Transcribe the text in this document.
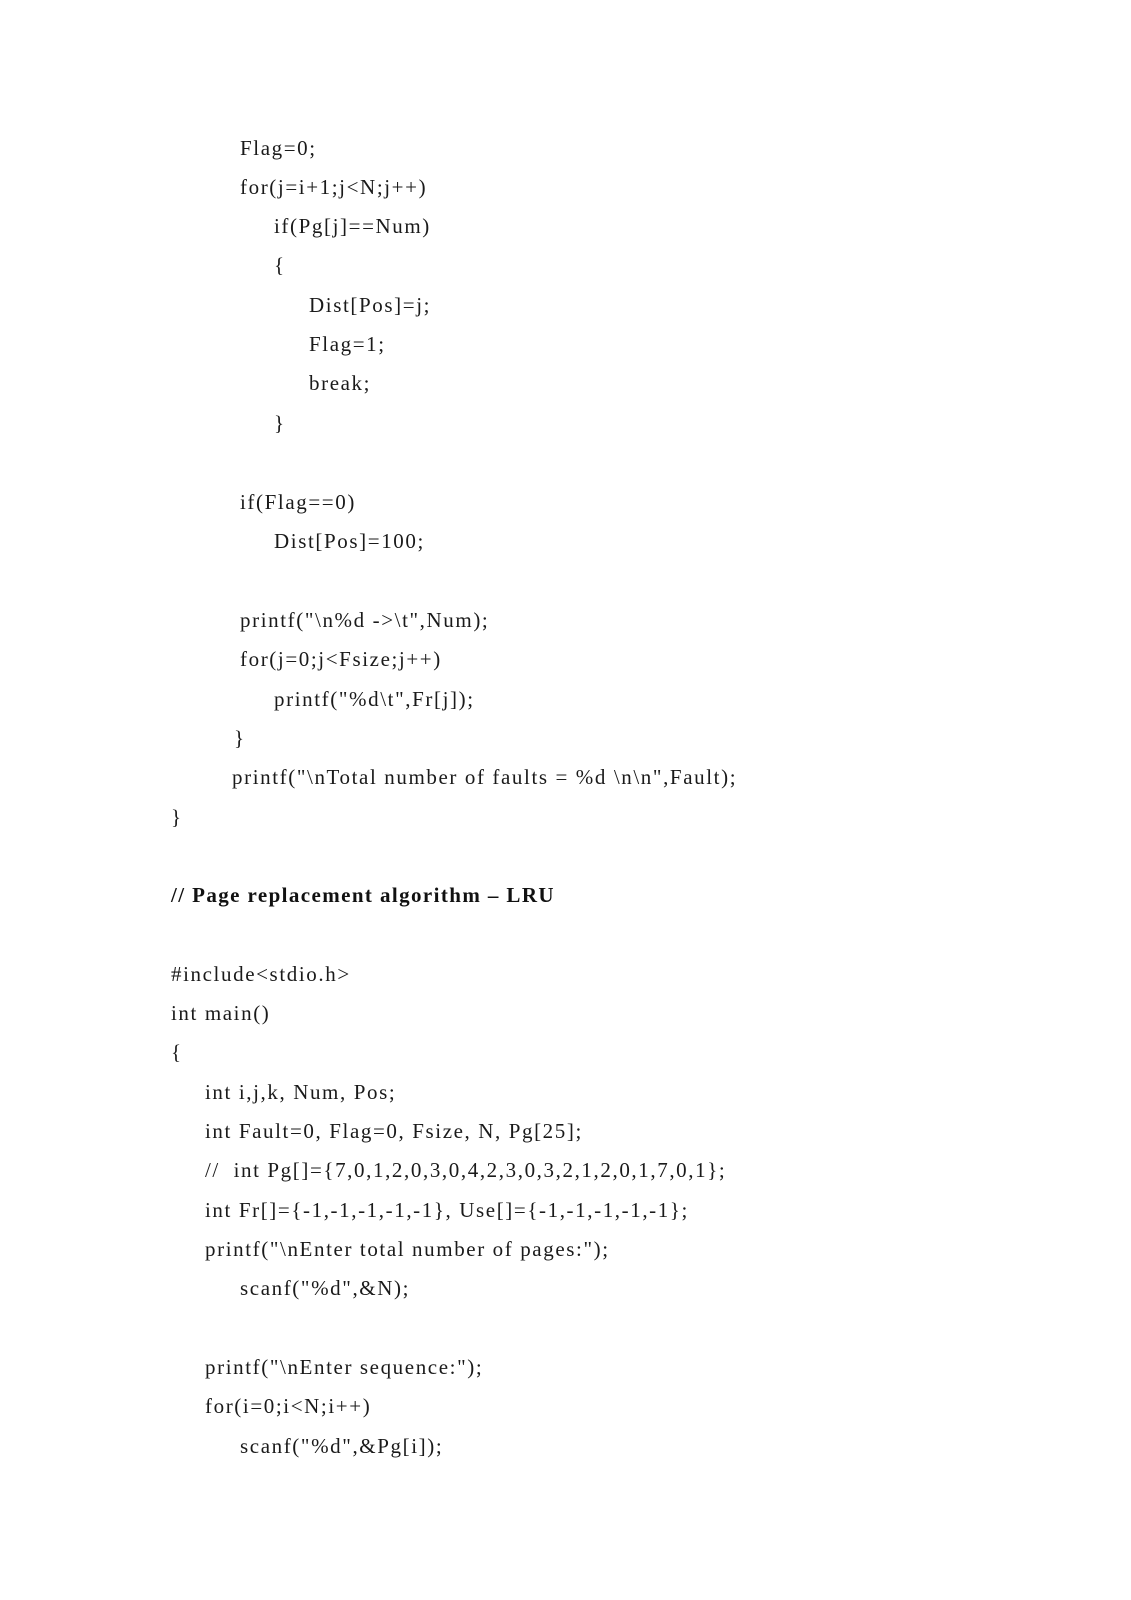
Flag=0;
for(j=i+1;j<N;j++)
if(Pg[j]==Num)
{
Dist[Pos]=j;
Flag=1;
break;
}
if(Flag==0)
Dist[Pos]=100;
printf("\n%d ->\t",Num);
for(j=0;j<Fsize;j++)
printf("%d\t",Fr[j]);
}
printf("\nTotal number of faults = %d \n\n",Fault);
}
// Page replacement algorithm – LRU
#include<stdio.h>
int main()
{
int i,j,k, Num, Pos;
int Fault=0, Flag=0, Fsize, N, Pg[25];
//  int Pg[]={7,0,1,2,0,3,0,4,2,3,0,3,2,1,2,0,1,7,0,1};
int Fr[]={-1,-1,-1,-1,-1}, Use[]={-1,-1,-1,-1,-1};
printf("\nEnter total number of pages:");
scanf("%d",&N);
printf("\nEnter sequence:");
for(i=0;i<N;i++)
scanf("%d",&Pg[i]);
